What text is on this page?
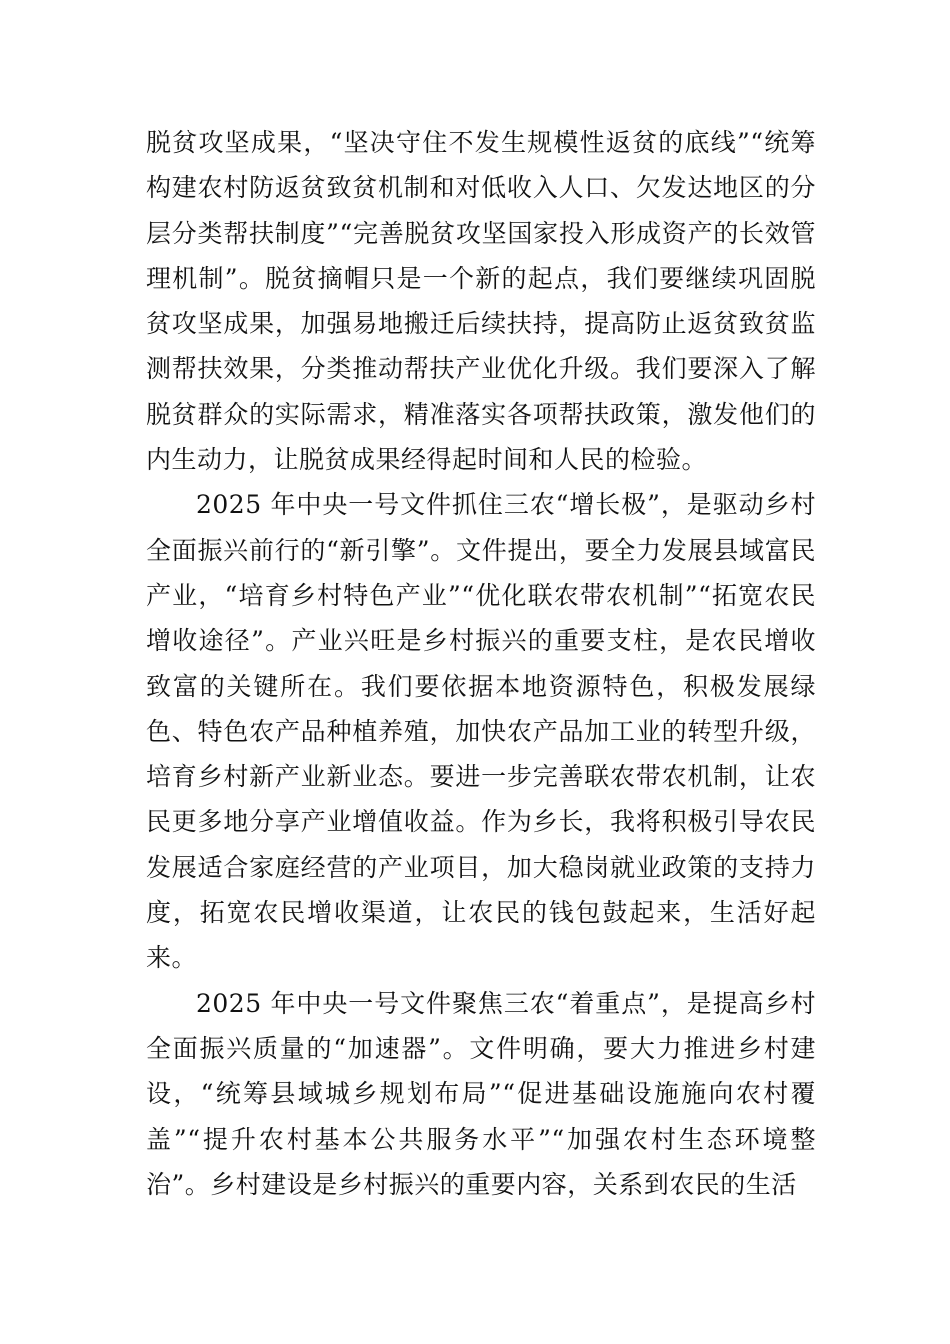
脱贫攻坚成果，“坚决守住不发生规模性返贫的底线”“统筹构建农村防返贫致贫机制和对低收入人口、欠发达地区的分层分类帮扶制度”“完善脱贫攻坚国家投入形成资产的长效管理机制”。脱贫摘帽只是一个新的起点，我们要继续巩固脱贫攻坚成果，加强易地搬迁后续扶持，提高防止返贫致贫监测帮扶效果，分类推动帮扶产业优化升级。我们要深入了解脱贫群众的实际需求，精准落实各项帮扶政策，激发他们的内生动力，让脱贫成果经得起时间和人民的检验。

2025 年中央一号文件抓住三农“增长极”，是驱动乡村全面振兴前行的“新引擎”。文件提出，要全力发展县域富民产业，“培育乡村特色产业”“优化联农带农机制”“拓宽农民增收途径”。产业兴旺是乡村振兴的重要支柱，是农民增收致富的关键所在。我们要依据本地资源特色，积极发展绿色、特色农产品种植养殖，加快农产品加工业的转型升级，培育乡村新产业新业态。要进一步完善联农带农机制，让农民更多地分享产业增值收益。作为乡长，我将积极引导农民发展适合家庭经营的产业项目，加大稳岗就业政策的支持力度，拓宽农民增收渠道，让农民的钱包鼓起来，生活好起来。

2025 年中央一号文件聚焦三农“着重点”，是提高乡村全面振兴质量的“加速器”。文件明确，要大力推进乡村建设，“统筹县域城乡规划布局”“促进基础设施施向农村覆盖”“提升农村基本公共服务水平”“加强农村生态环境整治”。乡村建设是乡村振兴的重要内容，关系到农民的生活
